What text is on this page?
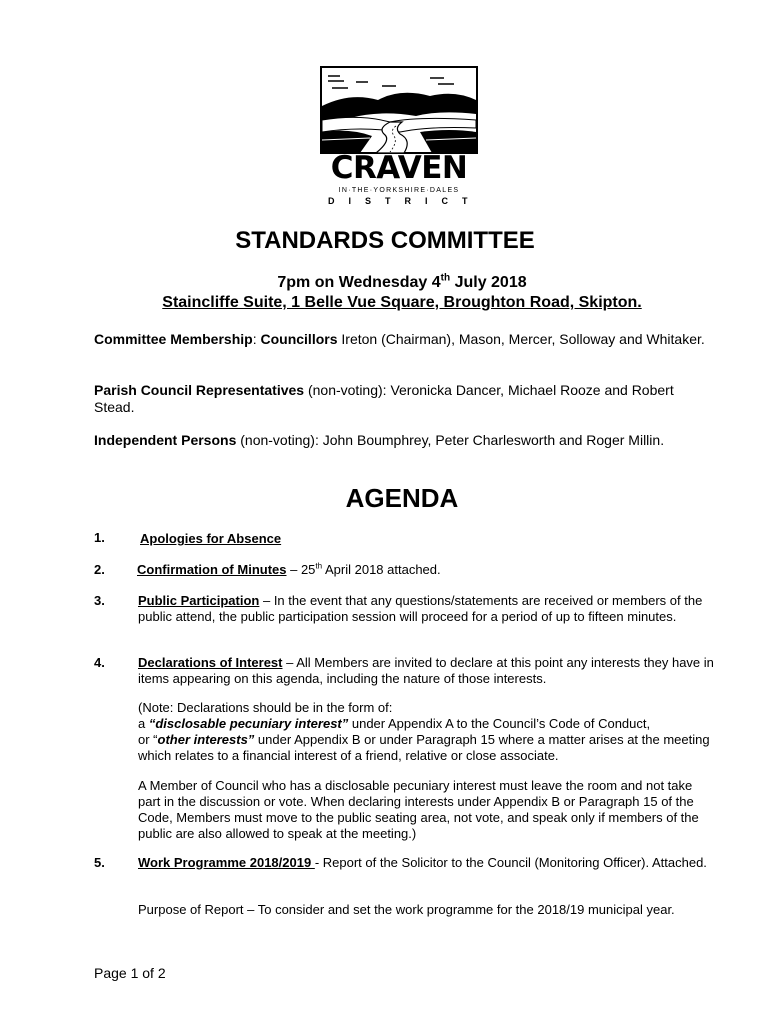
CRAVEN
IN·THE·YORKSHIRE·DALES
DISTRICT
STANDARDS COMMITTEE
7pm on Wednesday 4th July 2018
Staincliffe Suite, 1 Belle Vue Square, Broughton Road, Skipton.
Committee Membership: Councillors Ireton (Chairman), Mason, Mercer, Solloway and Whitaker.
Parish Council Representatives (non-voting): Veronicka Dancer, Michael Rooze and Robert Stead.
Independent Persons (non-voting): John Boumphrey, Peter Charlesworth and Roger Millin.
AGENDA
1.	Apologies for Absence
2. Confirmation of Minutes – 25th April 2018 attached.
3.	Public Participation – In the event that any questions/statements are received or members of the public attend, the public participation session will proceed for a period of up to fifteen minutes.
4.	Declarations of Interest – All Members are invited to declare at this point any interests they have in items appearing on this agenda, including the nature of those interests.
(Note: Declarations should be in the form of:
a “disclosable pecuniary interest” under Appendix A to the Council’s Code of Conduct,
or “other interests” under Appendix B or under Paragraph 15 where a matter arises at the meeting which relates to a financial interest of a friend, relative or close associate.
A Member of Council who has a disclosable pecuniary interest must leave the room and not take part in the discussion or vote. When declaring interests under Appendix B or Paragraph 15 of the Code, Members must move to the public seating area, not vote, and speak only if members of the public are also allowed to speak at the meeting.)
5.	Work Programme 2018/2019 - Report of the Solicitor to the Council (Monitoring Officer). Attached.
Purpose of Report – To consider and set the work programme for the 2018/19 municipal year.
Page 1 of 2
